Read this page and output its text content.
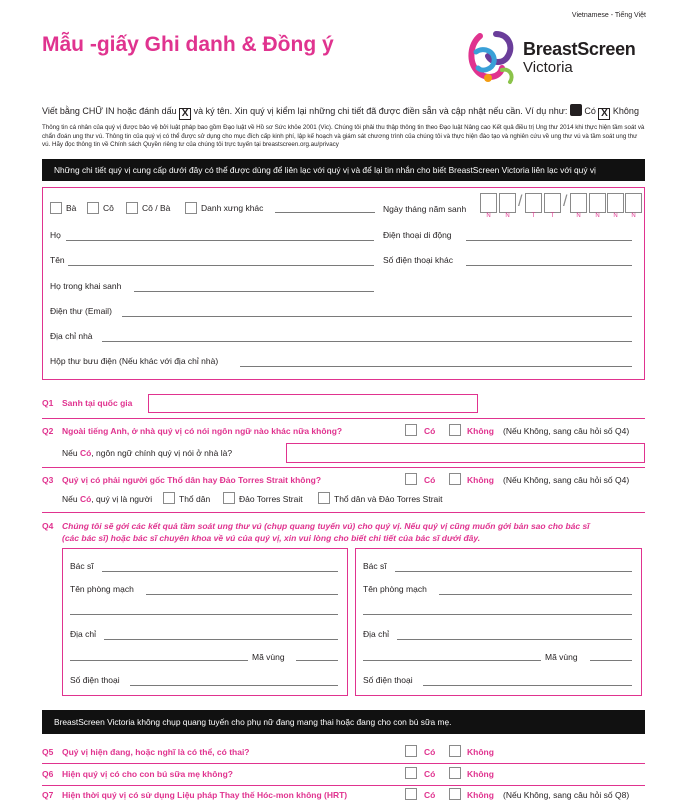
Vietnamese - Tiếng Việt
Mẫu -giấy Ghi danh & Đồng ý	BreastScreen
Victoria
Viết bằng CHỮ IN hoặc đánh dấu X và ký tên. Xin quý vị kiểm lại những chi tiết đã được điền sẵn và cập nhật nếu cần. Ví dụ như: Có X Không
Thông tin cá nhân của quý vị được bảo vệ bởi luật pháp bao gồm Đạo luật về Hồ sơ Sức khỏe 2001 (Vic). Chúng tôi phải thu thập thông tin theo Đạo luật Nâng cao Kết quả điều trị Ung thư 2014 khi thực hiện tầm soát và chẩn đoán ung thư vú. Thông tin của quý vị có thể được sử dụng cho mục đích cấp kinh phí, lập kế hoạch và giám sát chương trình của chúng tôi và thực hiện đào tạo và nghiên cứu về ung thư vú và tầm soát ung thư vú. Hãy đọc thông tin về Chính sách Quyền riêng tư của chúng tôi trực tuyến tại breastscreen.org.au/privacy
Những chi tiết quý vị cung cấp dưới đây có thể được dùng để liên lạc với quý vị và để lại tin nhắn cho biết BreastScreen Victoria liên lạc với quý vị
Bà	Cô	Cô / Bà	Danh xưng khác	Ngày tháng năm sanh	/	/
N	N	T	T	N	N	N	N
Họ	Điện thoại di động
Tên	Số điện thoại khác
Họ trong khai sanh
Điện thư (Email)
Địa chỉ nhà
Hộp thư bưu điện (Nếu khác với địa chỉ nhà)
Q1 Sanh tại quốc gia
Q2 Ngoài tiếng Anh, ở nhà quý vị có nói ngôn ngữ nào khác nữa không?	Có	Không (Nếu Không, sang câu hỏi số Q4)
Nếu Có, ngôn ngữ chính quý vị nói ở nhà là?
Q3 Quý vị có phải người gốc Thổ dân hay Đảo Torres Strait không?	Có	Không (Nếu Không, sang câu hỏi số Q4)
Nếu Có, quý vị là người	Thổ dân	Đảo Torres Strait	Thổ dân và Đảo Torres Strait
Q4 Chúng tôi sẽ gởi các kết quả tầm soát ung thư vú (chụp quang tuyến vú) cho quý vị. Nếu quý vị cũng muốn gởi bản sao cho bác sĩ
(các bác sĩ) hoặc bác sĩ chuyên khoa về vú của quý vị, xin vui lòng cho biết chi tiết của bác sĩ dưới đây.
Bác sĩ
Tên phòng mạch
Địa chỉ
Mã vùng
Số điện thoại
Bác sĩ
Tên phòng mạch
Địa chỉ
Mã vùng
Số điện thoại
BreastScreen Victoria không chụp quang tuyến cho phụ nữ đang mang thai hoặc đang cho con bú sữa mẹ.
Q5 Quý vị hiện đang, hoặc nghĩ là có thể, có thai?	Có	Không
Q6 Hiện quý vị có cho con bú sữa mẹ không?	Có	Không
Q7 Hiện thời quý vị có sử dụng Liệu pháp Thay thế Hóc-mon không (HRT)	Có	Không (Nếu Không, sang câu hỏi số Q8)
